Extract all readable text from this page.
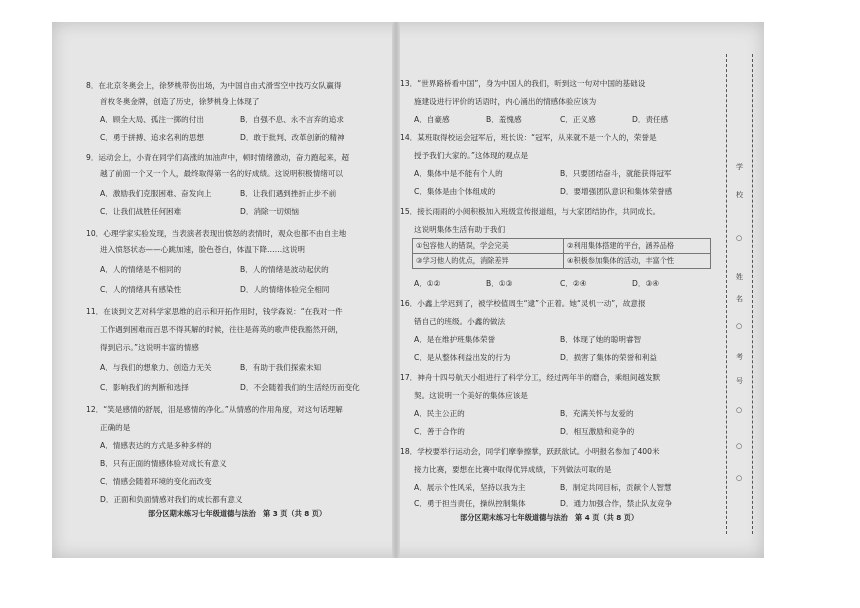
8．在北京冬奥会上，徐梦桃带伤出场，为中国自由式滑雪空中技巧女队赢得
首枚冬奥金牌，创造了历史，徐梦桃身上体现了
A．顾全大局、孤注一掷的付出	B．自强不息、永不言弃的追求
C．勇于拼搏、追求名利的思想	D．敢于批判、改革创新的精神
9．运动会上，小青在同学们高涨的加油声中，顿时情绪激动，奋力跑起来，超
越了前面一个又一个人，最终取得第一名的好成绩。这说明积极情绪可以
A．激励我们克服困难、奋发向上	B．让我们遇到挫折止步不前
C．让我们战胜任何困难	D．消除一切烦恼
10．心理学家实验发现，当表演者表现出愤怒的表情时，观众也都不由自主地
进入愤怒状态——心跳加速，脸色苍白，体温下降……这说明
A．人的情绪是不相同的	B．人的情绪是波动起伏的
C．人的情绪具有感染性	D．人的情绪体验完全相同
11．在谈到文艺对科学家思维的启示和开拓作用时，钱学森说：“在我对一件
工作遇到困难而百思不得其解的时候，往往是蒋英的歌声使我豁然开朗，
得到启示。”这说明丰富的情感
A．与我们的想象力、创造力无关	B．有助于我们探索未知
C．影响我们的判断和选择	D．不会随着我们的生活经历而变化
12．“笑是感情的舒展，泪是感情的净化。”从情感的作用角度，对这句话理解
正确的是
A．情感表达的方式是多种多样的
B．只有正面的情感体验对成长有意义
C．情感会随着环境的变化而改变
D．正面和负面情感对我们的成长都有意义
部分区期末练习七年级道德与法治　第 3 页（共 8 页）
13．“世界路桥看中国”，身为中国人的我们，听到这一句对中国的基础设
施建设进行评价的话语时，内心涌出的情感体验应该为
A．自豪感	B．羞愧感	C．正义感	D．责任感
14．某班取得校运会冠军后，班长说：“冠军，从来就不是一个人的，荣誉是
授予我们大家的。”这体现的观点是
A．集体中是不能有个人的	B．只要团结奋斗，就能获得冠军
C．集体是由个体组成的	D．要增强团队意识和集体荣誉感
15．接长雨雨的小阅积极加入班级宣传报道组，与大家团结协作，共同成长。
这说明集体生活有助于我们
①包容他人的错误，学会完美	②利用集体搭建的平台，涵养品格
③学习他人的优点，消除差异	④积极参加集体的活动，丰富个性
A．①②	B．①③	C．②④	D．③④
16．小鑫上学迟到了，被学校值周生“逮”个正着。她“灵机一动”，故意报
错自己的班级。小鑫的做法
A．是在维护班集体荣誉	B．体现了她的聪明睿智
C．是从整体利益出发的行为	D．损害了集体的荣誉和利益
17．神舟十四号航天小组进行了科学分工，经过两年半的磨合，乘组间越发默
契。这说明一个美好的集体应该是
A．民主公正的	B．充满关怀与友爱的
C．善于合作的	D．相互激励和竞争的
18．学校要举行运动会，同学们摩拳擦掌，跃跃欲试。小明报名参加了400米
接力比赛，要想在比赛中取得优异成绩，下列做法可取的是
A．展示个性风采，坚持以我为主	B．制定共同目标，贡献个人智慧
C．勇于担当责任，操纵控制集体	D．通力加强合作，禁止队友竞争
部分区期末练习七年级道德与法治　第 4 页（共 8 页）
学
校
○
姓
名
○
考
号
○
○
○
